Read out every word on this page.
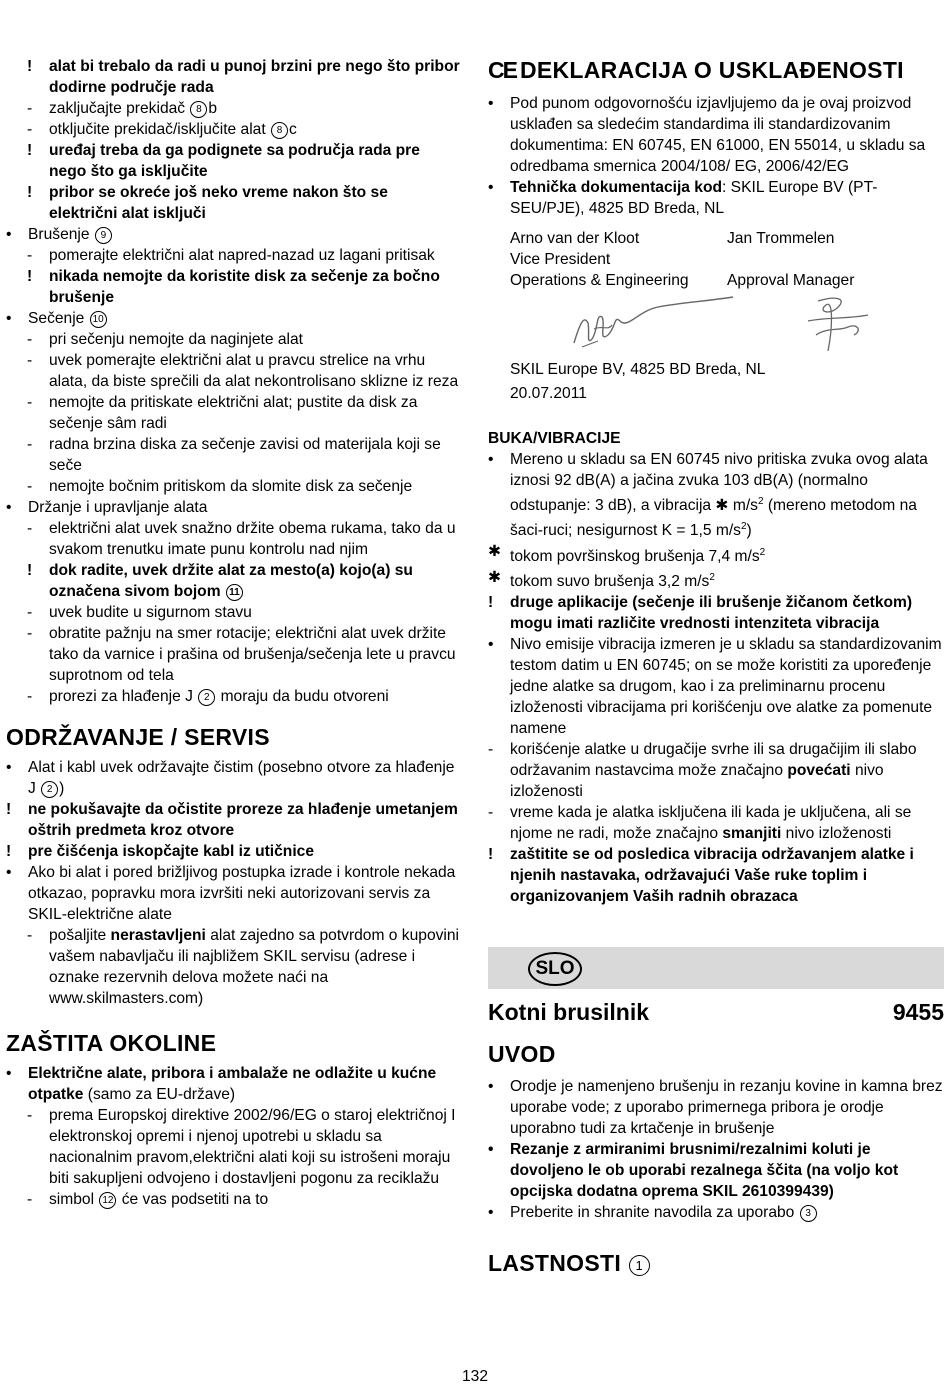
!	alat bi trebalo da radi u punoj brzini pre nego što pribor dodirne područje rada
-	zaključajte prekidač 8 b
-	otključite prekidač/isključite alat 8 c
!	uređaj treba da ga podignete sa područja rada pre nego što ga isključite
!	pribor se okreće još neko vreme nakon što se električni alat isključi
•	Brušenje 9
-	pomerajte električni alat napred-nazad uz lagani pritisak
!	nikada nemojte da koristite disk za sečenje za bočno brušenje
•	Sečenje 10
-	pri sečenju nemojte da naginjete alat
-	uvek pomerajte električni alat u pravcu strelice na vrhu alata, da biste sprečili da alat nekontrolisano sklizne iz reza
-	nemojte da pritiskate električni alat; pustite da disk za sečenje sâm radi
-	radna brzina diska za sečenje zavisi od materijala koji se seče
-	nemojte bočnim pritiskom da slomite disk za sečenje
•	Držanje i upravljanje alata
-	električni alat uvek snažno držite obema rukama, tako da u svakom trenutku imate punu kontrolu nad njim
!	dok radite, uvek držite alat za mesto(a) kojo(a) su označena sivom bojom 11
-	uvek budite u sigurnom stavu
-	obratite pažnju na smer rotacije; električni alat uvek držite tako da varnice i prašina od brušenja/sečenja lete u pravcu suprotnom od tela
-	prorezi za hlađenje J 2 moraju da budu otvoreni
ODRŽAVANJE / SERVIS
•	Alat i kabl uvek održavajte čistim (posebno otvore za hlađenje J 2 )
!	ne pokušavajte da očistite proreze za hlađenje umetanjem oštrih predmeta kroz otvore
!	pre čišćenja iskopčajte kabl iz utičnice
•	Ako bi alat i pored brižljivog postupka izrade i kontrole nekada otkazao, popravku mora izvršiti neki autorizovani servis za SKIL-električne alate
-	pošaljite nerastavljeni alat zajedno sa potvrdom o kupovini vašem nabavljaču ili najbližem SKIL servisu (adrese i oznake rezervnih delova možete naći na www.skilmasters.com)
ZAŠTITA OKOLINE
•	Električne alate, pribora i ambalaže ne odlažite u kućne otpatke (samo za EU-države)
-	prema Europskoj direktive 2002/96/EG o staroj električnoj I elektronskoj opremi i njenoj upotrebi u skladu sa nacionalnim pravom,električni alati koji su istrošeni moraju biti sakupljeni odvojeno i dostavljeni pogonu za reciklažu
-	simbol 12 će vas podsetiti na to
CE DEKLARACIJA O USKLAĐENOSTI
•	Pod punom odgovornošću izjavljujemo da je ovaj proizvod usklađen sa sledećim standardima ili standardizovanim dokumentima: EN 60745, EN 61000, EN 55014, u skladu sa odredbama smernica 2004/108/ EG, 2006/42/EG
•	Tehnička dokumentacija kod: SKIL Europe BV (PT-SEU/PJE), 4825 BD Breda, NL
Arno van der Kloot	Jan Trommelen
Vice President
Operations & Engineering	Approval Manager
SKIL Europe BV, 4825 BD Breda, NL
20.07.2011
BUKA/VIBRACIJE
•	Mereno u skladu sa EN 60745 nivo pritiska zvuka ovog alata iznosi 92 dB(A) a jačina zvuka 103 dB(A) (normalno odstupanje: 3 dB), a vibracija ✱ $m/s^2$ (mereno metodom na šaci-ruci; nesigurnost K = 1,5 $m/s^2$)
✱ tokom površinskog brušenja 7,4 $m/s^2$
✱ tokom suvo brušenja 3,2 $m/s^2$
!	druge aplikacije (sečenje ili brušenje žičanom četkom) mogu imati različite vrednosti intenziteta vibracija
•	Nivo emisije vibracija izmeren je u skladu sa standardizovanim testom datim u EN 60745; on se može koristiti za upoređenje jedne alatke sa drugom, kao i za preliminarnu procenu izloženosti vibracijama pri korišćenju ove alatke za pomenute namene
-	korišćenje alatke u drugačije svrhe ili sa drugačijim ili slabo održavanim nastavcima može značajno povećati nivo izloženosti
-	vreme kada je alatka isključena ili kada je uključena, ali se njome ne radi, može značajno smanjiti nivo izloženosti
!	zaštitite se od posledica vibracija održavanjem alatke i njenih nastavaka, održavajući Vaše ruke toplim i organizovanjem Vaših radnih obrazaca
SLO
Kotni brusilnik	9455
UVOD
•	Orodje je namenjeno brušenju in rezanju kovine in kamna brez uporabe vode; z uporabo primernega pribora je orodje uporabno tudi za krtačenje in brušenje
•	Rezanje z armiranimi brusnimi/rezalnimi koluti je dovoljeno le ob uporabi rezalnega ščita (na voljo kot opcijska dodatna oprema SKIL 2610399439)
•	Preberite in shranite navodila za uporabo 3
LASTNOSTI 1
132
